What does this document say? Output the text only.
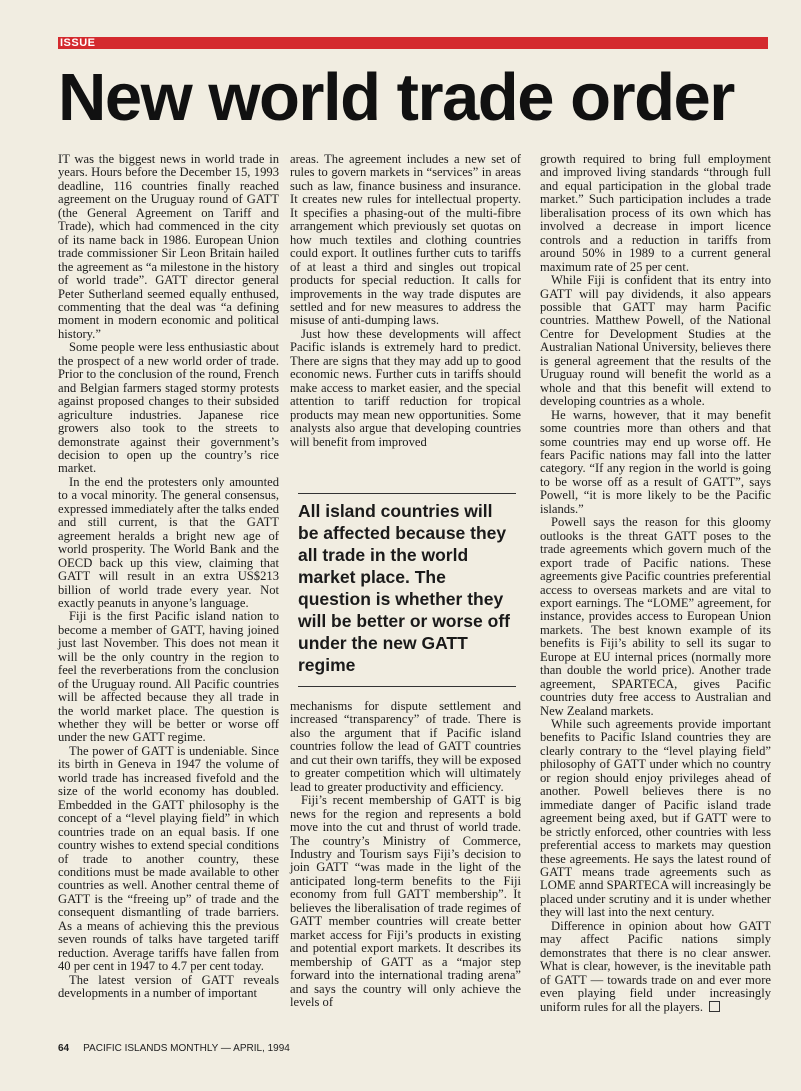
ISSUE
New world trade order

IT was the biggest news in world trade in years. Hours before the December 15, 1993 deadline, 116 countries finally reached agreement on the Uruguay round of GATT (the General Agreement on Tariff and Trade), which had commenced in the city of its name back in 1986. European Union trade commissioner Sir Leon Britain hailed the agreement as “a milestone in the history of world trade”. GATT director general Peter Sutherland seemed equally enthused, commenting that the deal was “a defining moment in modern economic and political history.”

Some people were less enthusiastic about the prospect of a new world order of trade. Prior to the conclusion of the round, French and Belgian farmers staged stormy protests against proposed changes to their subsided agriculture industries. Japanese rice growers also took to the streets to demonstrate against their government’s decision to open up the country’s rice market.

In the end the protesters only amounted to a vocal minority. The general consensus, expressed immediately after the talks ended and still current, is that the GATT agreement heralds a bright new age of world prosperity. The World Bank and the OECD back up this view, claiming that GATT will result in an extra US$213 billion of world trade every year. Not exactly peanuts in anyone’s language.

Fiji is the first Pacific island nation to become a member of GATT, having joined just last November. This does not mean it will be the only country in the region to feel the reverberations from the conclusion of the Uruguay round. All Pacific countries will be affected because they all trade in the world market place. The question is whether they will be better or worse off under the new GATT regime.

The power of GATT is undeniable. Since its birth in Geneva in 1947 the volume of world trade has increased fivefold and the size of the world economy has doubled. Embedded in the GATT philosophy is the concept of a “level playing field” in which countries trade on an equal basis. If one country wishes to extend special conditions of trade to another country, these conditions must be made available to other countries as well. Another central theme of GATT is the “freeing up” of trade and the consequent dismantling of trade barriers. As a means of achieving this the previous seven rounds of talks have targeted tariff reduction. Average tariffs have fallen from 40 per cent in 1947 to 4.7 per cent today.

The latest version of GATT reveals developments in a number of important

areas. The agreement includes a new set of rules to govern markets in “services” in areas such as law, finance business and insurance. It creates new rules for intellectual property. It specifies a phasing-out of the multi-fibre arrangement which previously set quotas on how much textiles and clothing countries could export. It outlines further cuts to tariffs of at least a third and singles out tropical products for special reduction. It calls for improvements in the way trade disputes are settled and for new measures to address the misuse of anti-dumping laws.

Just how these developments will affect Pacific islands is extremely hard to predict. There are signs that they may add up to good economic news. Further cuts in tariffs should make access to market easier, and the special attention to tariff reduction for tropical products may mean new opportunities. Some analysts also argue that developing countries will benefit from improved

All island countries will be affected because they all trade in the world market place. The question is whether they will be better or worse off under the new GATT regime

mechanisms for dispute settlement and increased “transparency” of trade. There is also the argument that if Pacific island countries follow the lead of GATT countries and cut their own tariffs, they will be exposed to greater competition which will ultimately lead to greater productivity and efficiency.

Fiji’s recent membership of GATT is big news for the region and represents a bold move into the cut and thrust of world trade. The country’s Ministry of Commerce, Industry and Tourism says Fiji’s decision to join GATT “was made in the light of the anticipated long-term benefits to the Fiji economy from full GATT membership”. It believes the liberalisation of trade regimes of GATT member countries will create better market access for Fiji’s products in existing and potential export markets. It describes its membership of GATT as a “major step forward into the international trading arena” and says the country will only achieve the levels of

growth required to bring full employment and improved living standards “through full and equal participation in the global trade market.” Such participation includes a trade liberalisation process of its own which has involved a decrease in import licence controls and a reduction in tariffs from around 50% in 1989 to a current general maximum rate of 25 per cent.

While Fiji is confident that its entry into GATT will pay dividends, it also appears possible that GATT may harm Pacific countries. Matthew Powell, of the National Centre for Development Studies at the Australian National University, believes there is general agreement that the results of the Uruguay round will benefit the world as a whole and that this benefit will extend to developing countries as a whole.

He warns, however, that it may benefit some countries more than others and that some countries may end up worse off. He fears Pacific nations may fall into the latter category. “If any region in the world is going to be worse off as a result of GATT”, says Powell, “it is more likely to be the Pacific islands.”

Powell says the reason for this gloomy outlooks is the threat GATT poses to the trade agreements which govern much of the export trade of Pacific nations. These agreements give Pacific countries preferential access to overseas markets and are vital to export earnings. The “LOME” agreement, for instance, provides access to European Union markets. The best known example of its benefits is Fiji’s ability to sell its sugar to Europe at EU internal prices (normally more than double the world price). Another trade agreement, SPARTECA, gives Pacific countries duty free access to Australian and New Zealand markets.

While such agreements provide important benefits to Pacific Island countries they are clearly contrary to the “level playing field” philosophy of GATT under which no country or region should enjoy privileges ahead of another. Powell believes there is no immediate danger of Pacific island trade agreement being axed, but if GATT were to be strictly enforced, other countries with less preferential access to markets may question these agreements. He says the latest round of GATT means trade agreements such as LOME annd SPARTECA will increasingly be placed under scrutiny and it is under whether they will last into the next century.

Difference in opinion about how GATT may affect Pacific nations simply demonstrates that there is no clear answer. What is clear, however, is the inevitable path of GATT — towards trade on and ever more even playing field under increasingly uniform rules for all the players.

64 PACIFIC ISLANDS MONTHLY — APRIL, 1994
